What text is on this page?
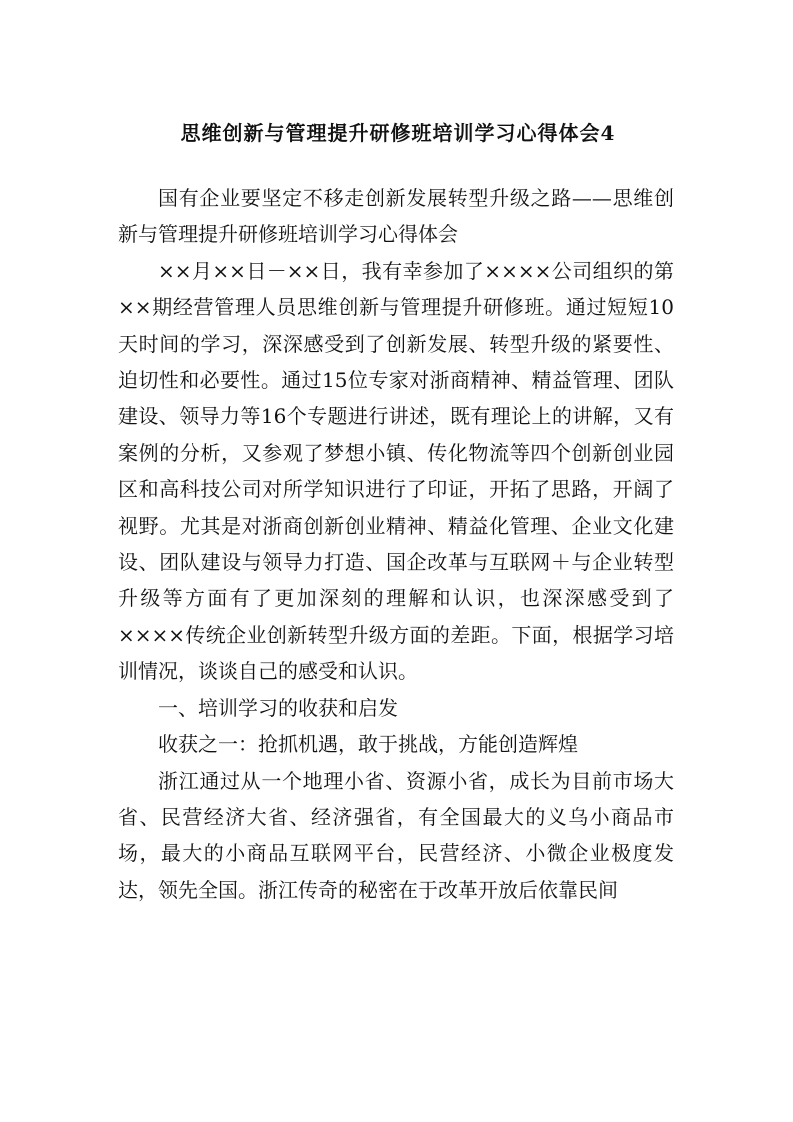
思维创新与管理提升研修班培训学习心得体会4

国有企业要坚定不移走创新发展转型升级之路——思维创新与管理提升研修班培训学习心得体会

××月××日－××日，我有幸参加了××××公司组织的第××期经营管理人员思维创新与管理提升研修班。通过短短10天时间的学习，深深感受到了创新发展、转型升级的紧要性、迫切性和必要性。通过15位专家对浙商精神、精益管理、团队建设、领导力等16个专题进行讲述，既有理论上的讲解，又有案例的分析，又参观了梦想小镇、传化物流等四个创新创业园区和高科技公司对所学知识进行了印证，开拓了思路，开阔了视野。尤其是对浙商创新创业精神、精益化管理、企业文化建设、团队建设与领导力打造、国企改革与互联网＋与企业转型升级等方面有了更加深刻的理解和认识，也深深感受到了××××传统企业创新转型升级方面的差距。下面，根据学习培训情况，谈谈自己的感受和认识。

一、培训学习的收获和启发

收获之一：抢抓机遇，敢于挑战，方能创造辉煌

浙江通过从一个地理小省、资源小省，成长为目前市场大省、民营经济大省、经济强省，有全国最大的义乌小商品市场，最大的小商品互联网平台，民营经济、小微企业极度发达，领先全国。浙江传奇的秘密在于改革开放后依靠民间
